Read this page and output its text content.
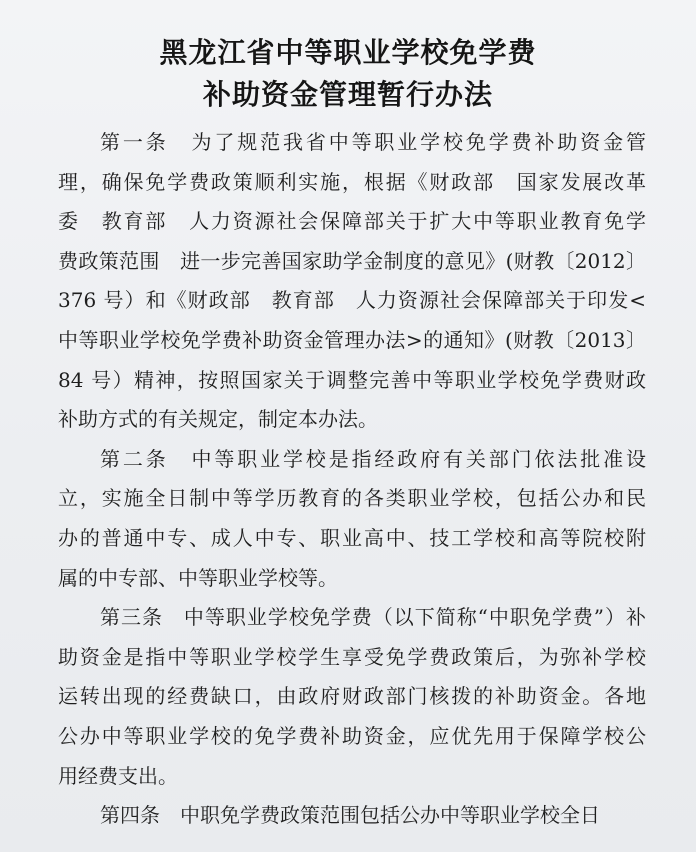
黑龙江省中等职业学校免学费
补助资金管理暂行办法
第一条　为了规范我省中等职业学校免学费补助资金管
理，确保免学费政策顺利实施，根据《财政部　国家发展改革
委　教育部　人力资源社会保障部关于扩大中等职业教育免学
费政策范围　进一步完善国家助学金制度的意见》(财教〔2012〕
376 号）和《财政部　教育部　人力资源社会保障部关于印发<
中等职业学校免学费补助资金管理办法>的通知》(财教〔2013〕
84 号）精神，按照国家关于调整完善中等职业学校免学费财政
补助方式的有关规定，制定本办法。
第二条　中等职业学校是指经政府有关部门依法批准设
立，实施全日制中等学历教育的各类职业学校，包括公办和民
办的普通中专、成人中专、职业高中、技工学校和高等院校附
属的中专部、中等职业学校等。
第三条　中等职业学校免学费（以下简称“中职免学费”）补
助资金是指中等职业学校学生享受免学费政策后，为弥补学校
运转出现的经费缺口，由政府财政部门核拨的补助资金。各地
公办中等职业学校的免学费补助资金，应优先用于保障学校公
用经费支出。
第四条　中职免学费政策范围包括公办中等职业学校全日
